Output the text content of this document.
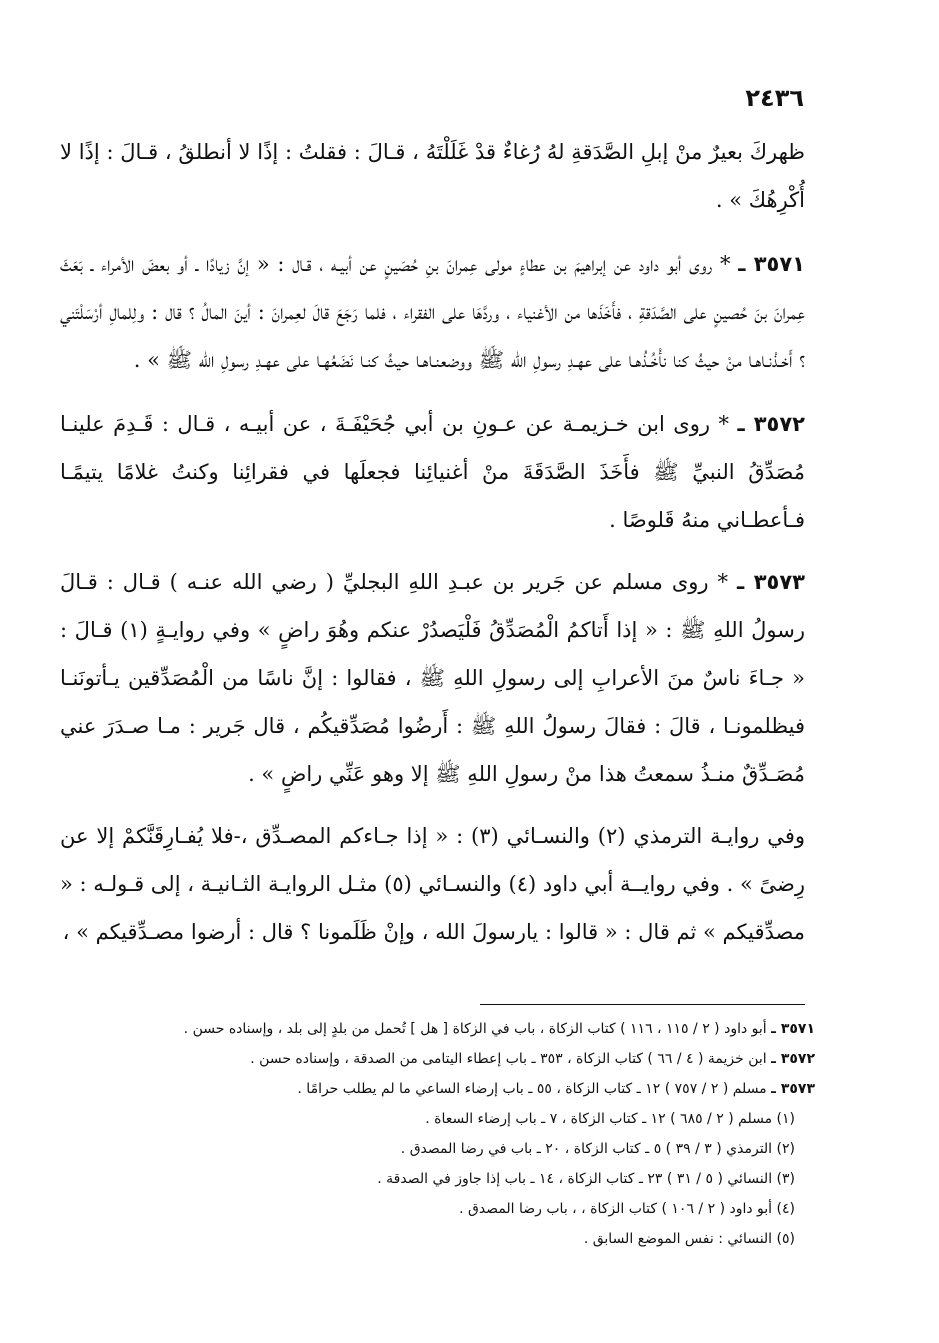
٢٤٣٦

ظهركَ بعيرٌ منْ إبلِ الصَّدَقةِ لهُ رُغاءٌ قدْ غَلَلْتَهُ ، قـالَ : فقلتُ : إذًا لا أنطلقُ ، قـالَ : إذًا لا أُكْرِهُكَ » .

٣٥٧١ ـ * روى أبو داود عن إبراهيمَ بن عطاءٍ مولى عِمرانَ بنِ حُصَينٍ عن أبيـه ، قـال : « إنَّ زيادًا ـ أو بعضَ الأمراء ـ بَعَثَ عِمرانَ بنَ حُصينٍ على الصَّدَقةِ ، فأَخَذَها من الأغنياء ، وردَّهَا على الفقراء ، فلما رَجَعَ قالَ لعِمرانَ : أينَ المالُ ؟ قال : ولِلمالِ أرْسَلْتَني ؟ أَخـذْنـاهـا منْ حيثُ كنا نأْخُـذُهـا على عهـدِ رسولِ الله ﷺ ووضعنـاهـا حيثُ كنـا نَضَعُهـا على عهـدِ رسولِ الله ﷺ » .

٣٥٧٢ ـ * روى ابن خـزيمـة عن عـونِ بن أبي جُحَيْفَـةَ ، عن أبيـه ، قـال : قَـدِمَ علينـا مُصَدِّقُ النبيِّ ﷺ فأَخَذَ الصَّدَقَةَ منْ أغنيائِنا فجعلَها في فقرائِنا وكنتُ غلامًا يتيمًـا فـأعطـاني منهُ قَلوصًا .

٣٥٧٣ ـ * روى مسلم عن جَرير بن عبـدِ اللهِ البجليِّ ( رضي الله عنـه ) قـال : قـالَ رسولُ اللهِ ﷺ : « إذا أَتاكمُ الْمُصَدِّقُ فَلْيَصدُرْ عنكم وهُوَ راضٍ » وفي روايـةٍ (١) قـالَ : « جـاءَ ناسٌ منَ الأعرابِ إلى رسولِ اللهِ ﷺ ، فقالوا : إنَّ ناسًا من الْمُصَدِّقين يـأتونَنـا فيظلمونـا ، قالَ : فقالَ رسولُ اللهِ ﷺ : أَرضُوا مُصَدِّقيكُم ، قال جَرير : مـا صـدَرَ عني مُصَـدِّقٌ منـذُ سمعتُ هذا منْ رسولِ اللهِ ﷺ إلا وهو عَنِّي راضٍ » .

وفي روايـة الترمذي (٢) والنسـائي (٣) : « إذا جـاءكم المصـدِّق ،-فلا يُفـارِقَنَّكمْ إلا عن رِضىً » . وفي روايــة أبي داود (٤) والنسـائي (٥) مثـل الروايـة الثـانيـة ، إلى قـولـه : « مصدِّقيكم » ثم قال : « قالوا : يارسولَ الله ، وإنْ ظَلَمونا ؟ قال : أرضوا مصـدِّقيكم » ،

٣٥٧١ ـ أبو داود ( ٢ / ١١٥ ، ١١٦ ) كتاب الزكاة ، باب في الزكاة [ هل ] تُحمل من بلدٍ إلى بلد ، وإسناده حسن .

٣٥٧٢ ـ ابن خزيمة ( ٤ / ٦٦ ) كتاب الزكاة ، ٣٥٣ ـ باب إعطاء اليتامى من الصدقة ، وإسناده حسن .

٣٥٧٣ ـ مسلم ( ٢ / ٧٥٧ ) ١٢ ـ كتاب الزكاة ، ٥٥ ـ باب إرضاء الساعي ما لم يطلب حرامًا .

(١) مسلم ( ٢ / ٦٨٥ ) ١٢ ـ كتاب الزكاة ، ٧ ـ باب إرضاء السعاة .

(٢) الترمذي ( ٣ / ٣٩ ) ٥ ـ كتاب الزكاة ، ٢٠ ـ باب في رضا المصدق .

(٣) النسائي ( ٥ / ٣١ ) ٢٣ ـ كتاب الزكاة ، ١٤ ـ باب إذا جاوز في الصدقة .

(٤) أبو داود ( ٢ / ١٠٦ ) كتاب الزكاة ، ، باب رضا المصدق .

(٥) النسائي : نفس الموضع السابق .
